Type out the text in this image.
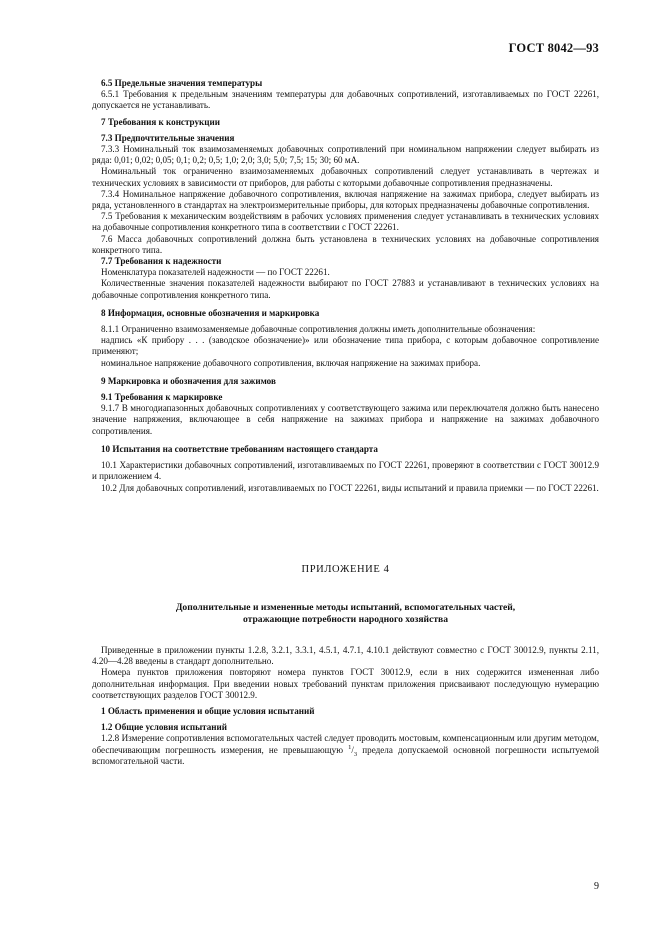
ГОСТ 8042—93
6.5 Предельные значения температуры

6.5.1 Требования к предельным значениям температуры для добавочных сопротивлений, изготавливаемых по ГОСТ 22261, допускается не устанавливать.

7 Требования к конструкции
7.3 Предпочтительные значения

7.3.3 Номинальный ток взаимозаменяемых добавочных сопротивлений при номинальном напряжении следует выбирать из ряда: 0,01; 0,02; 0,05; 0,1; 0,2; 0,5; 1,0; 2,0; 3,0; 5,0; 7,5; 15; 30; 60 мА.

Номинальный ток ограниченно взаимозаменяемых добавочных сопротивлений следует устанавливать в чертежах и технических условиях в зависимости от приборов, для работы с которыми добавочные сопротивления предназначены.

7.3.4 Номинальное напряжение добавочного сопротивления, включая напряжение на зажимах прибора, следует выбирать из ряда, установленного в стандартах на электроизмерительные приборы, для которых предназначены добавочные сопротивления.

7.5 Требования к механическим воздействиям в рабочих условиях применения следует устанавливать в технических условиях на добавочные сопротивления конкретного типа в соответствии с ГОСТ 22261.

7.6 Масса добавочных сопротивлений должна быть установлена в технических условиях на добавочные сопротивления конкретного типа.

7.7 Требования к надежности

Номенклатура показателей надежности — по ГОСТ 22261.

Количественные значения показателей надежности выбирают по ГОСТ 27883 и устанавливают в технических условиях на добавочные сопротивления конкретного типа.

8 Информация, основные обозначения и маркировка

8.1.1 Ограниченно взаимозаменяемые добавочные сопротивления должны иметь дополнительные обозначения:

надпись «К прибору . . . (заводское обозначение)» или обозначение типа прибора, с которым добавочное сопротивление применяют;

номинальное напряжение добавочного сопротивления, включая напряжение на зажимах прибора.

9 Маркировка и обозначения для зажимов
9.1 Требования к маркировке

9.1.7 В многодиапазонных добавочных сопротивлениях у соответствующего зажима или переключателя должно быть нанесено значение напряжения, включающее в себя напряжение на зажимах прибора и напряжение на зажимах добавочного сопротивления.

10 Испытания на соответствие требованиям настоящего стандарта

10.1 Характеристики добавочных сопротивлений, изготавливаемых по ГОСТ 22261, проверяют в соответствии с ГОСТ 30012.9 и приложением 4.

10.2 Для добавочных сопротивлений, изготавливаемых по ГОСТ 22261, виды испытаний и правила приемки — по ГОСТ 22261.

ПРИЛОЖЕНИЕ 4
Дополнительные и измененные методы испытаний, вспомогательных частей,
отражающие потребности народного хозяйства

Приведенные в приложении пункты 1.2.8, 3.2.1, 3.3.1, 4.5.1, 4.7.1, 4.10.1 действуют совместно с ГОСТ 30012.9, пункты 2.11, 4.20—4.28 введены в стандарт дополнительно.

Номера пунктов приложения повторяют номера пунктов ГОСТ 30012.9, если в них содержится измененная либо дополнительная информация. При введении новых требований пунктам приложения присваивают последующую нумерацию соответствующих разделов ГОСТ 30012.9.

1 Область применения и общие условия испытаний
1.2 Общие условия испытаний

1.2.8 Измерение сопротивления вспомогательных частей следует проводить мостовым, компенсационным или другим методом, обеспечивающим погрешность измерения, не превышающую $^1/_3$ предела допускаемой основной погрешности испытуемой вспомогательной части.

9
